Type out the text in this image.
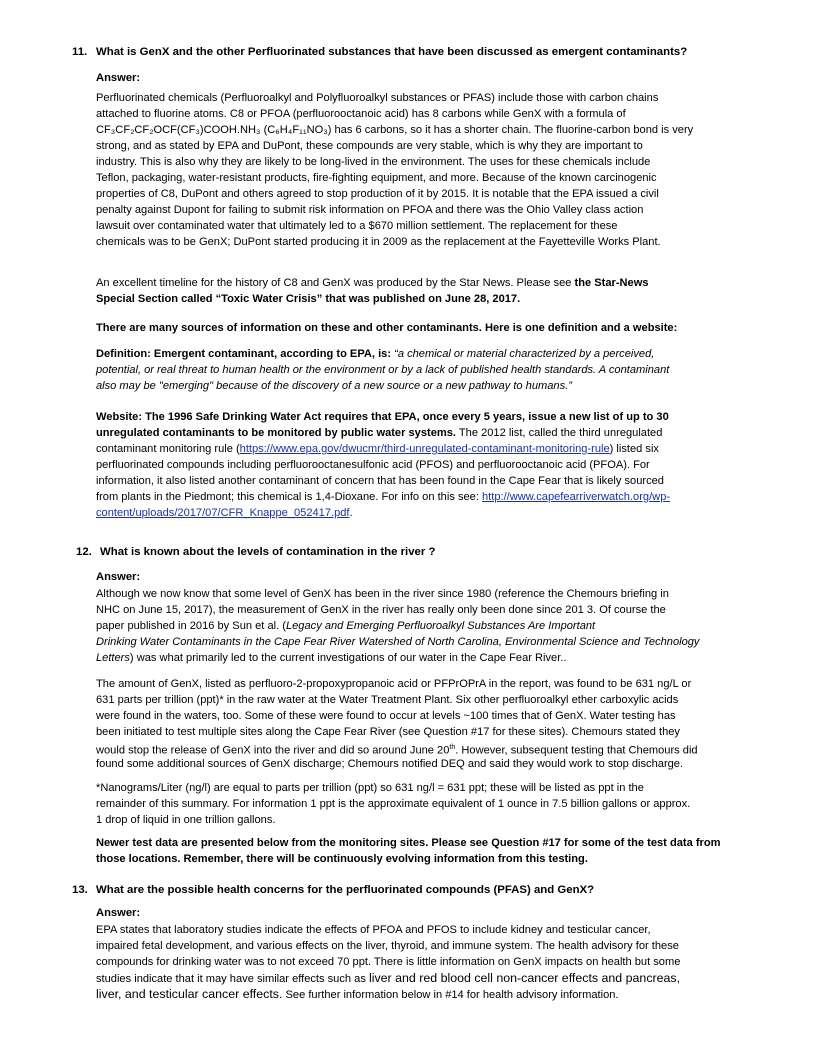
11. What is GenX and the other Perfluorinated substances that have been discussed as emergent contaminants?
Answer:
Perfluorinated chemicals (Perfluoroalkyl and Polyfluoroalkyl substances or PFAS) include those with carbon chains
attached to fluorine atoms. C8 or PFOA (perfluorooctanoic acid) has 8 carbons while GenX with a formula of
CF₃CF₂CF₂OCF(CF₃)COOH.NH₃ (C₆H₄F₁₁NO₃) has 6 carbons, so it has a shorter chain. The fluorine-carbon bond is very
strong, and as stated by EPA and DuPont, these compounds are very stable, which is why they are important to
industry. This is also why they are likely to be long-lived in the environment. The uses for these chemicals include
Teflon, packaging, water-resistant products, fire-fighting equipment, and more. Because of the known carcinogenic
properties of C8, DuPont and others agreed to stop production of it by 2015. It is notable that the EPA issued a civil
penalty against Dupont for failing to submit risk information on PFOA and there was the Ohio Valley class action
lawsuit over contaminated water that ultimately led to a $670 million settlement. The replacement for these
chemicals was to be GenX; DuPont started producing it in 2009 as the replacement at the Fayetteville Works Plant.
An excellent timeline for the history of C8 and GenX was produced by the Star News. Please see the Star-News
Special Section called “Toxic Water Crisis” that was published on June 28, 2017.
There are many sources of information on these and other contaminants. Here is one definition and a website:
Definition: Emergent contaminant, according to EPA, is: “a chemical or material characterized by a perceived,
potential, or real threat to human health or the environment or by a lack of published health standards. A contaminant
also may be "emerging" because of the discovery of a new source or a new pathway to humans.”
Website: The 1996 Safe Drinking Water Act requires that EPA, once every 5 years, issue a new list of up to 30
unregulated contaminants to be monitored by public water systems. The 2012 list, called the third unregulated
contaminant monitoring rule (https://www.epa.gov/dwucmr/third-unregulated-contaminant-monitoring-rule) listed six
perfluorinated compounds including perfluorooctanesulfonic acid (PFOS) and perfluorooctanoic acid (PFOA). For
information, it also listed another contaminant of concern that has been found in the Cape Fear that is likely sourced
from plants in the Piedmont; this chemical is 1,4-Dioxane. For info on this see: http://www.capefearriverwatch.org/wp-
content/uploads/2017/07/CFR_Knappe_052417.pdf.
12. What is known about the levels of contamination in the river ?
Answer:
Although we now know that some level of GenX has been in the river since 1980 (reference the Chemours briefing in
NHC on June 15, 2017), the measurement of GenX in the river has really only been done since 201 3. Of course the
paper published in 2016 by Sun et al. (Legacy and Emerging Perfluoroalkyl Substances Are Important
Drinking Water Contaminants in the Cape Fear River Watershed of North Carolina, Environmental Science and Technology
Letters) was what primarily led to the current investigations of our water in the Cape Fear River..
The amount of GenX, listed as perfluoro-2-propoxypropanoic acid or PFPrOPrA in the report, was found to be 631 ng/L or
631 parts per trillion (ppt)* in the raw water at the Water Treatment Plant. Six other perfluoroalkyl ether carboxylic acids
were found in the waters, too. Some of these were found to occur at levels ~100 times that of GenX. Water testing has
been initiated to test multiple sites along the Cape Fear River (see Question #17 for these sites). Chemours stated they
would stop the release of GenX into the river and did so around June 20th. However, subsequent testing that Chemours did
found some additional sources of GenX discharge; Chemours notified DEQ and said they would work to stop discharge.
*Nanograms/Liter (ng/l) are equal to parts per trillion (ppt) so 631 ng/l = 631 ppt; these will be listed as ppt in the
remainder of this summary. For information 1 ppt is the approximate equivalent of 1 ounce in 7.5 billion gallons or approx.
1 drop of liquid in one trillion gallons.
Newer test data are presented below from the monitoring sites. Please see Question #17 for some of the test data from
those locations. Remember, there will be continuously evolving information from this testing.
13. What are the possible health concerns for the perfluorinated compounds (PFAS) and GenX?
Answer:
EPA states that laboratory studies indicate the effects of PFOA and PFOS to include kidney and testicular cancer,
impaired fetal development, and various effects on the liver, thyroid, and immune system. The health advisory for these
compounds for drinking water was to not exceed 70 ppt. There is little information on GenX impacts on health but some
studies indicate that it may have similar effects such as liver and red blood cell non-cancer effects and pancreas,
liver, and testicular cancer effects. See further information below in #14 for health advisory information.
